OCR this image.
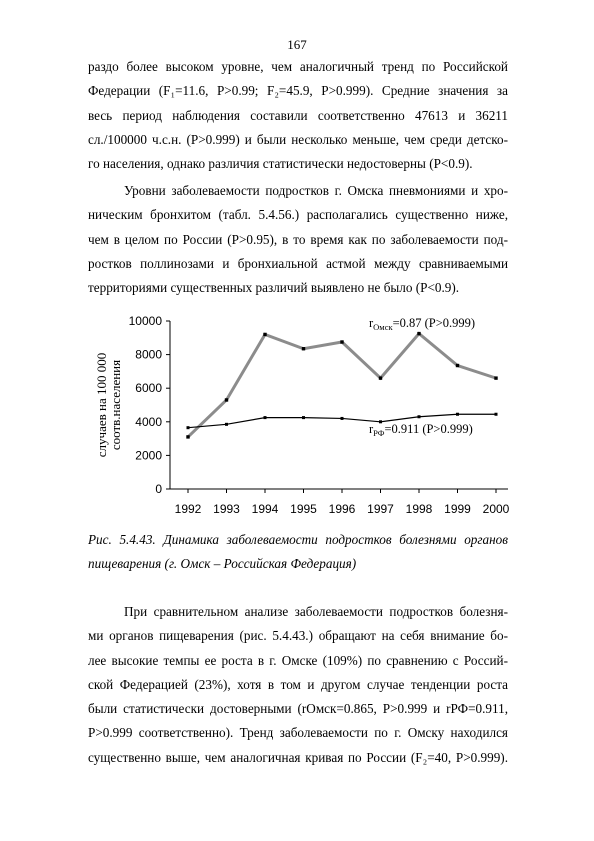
167
раздо более высоком уровне, чем аналогичный тренд по Российской
Федерации (F₁=11.6, P>0.99; F₂=45.9, P>0.999). Средние значения за
весь период наблюдения составили соответственно 47613 и 36211
сл./100000 ч.с.н. (P>0.999) и были несколько меньше, чем среди детско-
го населения, однако различия статистически недостоверны (P<0.9).
Уровни заболеваемости подростков г. Омска пневмониями и хро-
ническим бронхитом (табл. 5.4.56.) располагались существенно ниже,
чем в целом по России (P>0.95), в то время как по заболеваемости под-
ростков поллинозами и бронхиальной астмой между сравниваемыми
территориями существенных различий выявлено не было (P<0.9).
случаев на 100 000 соотв.населения
0
2000
4000
6000
8000
10000
1992 1993 1994 1995 1996 1997 1998 1999 2000
$r_{Омск}=0.87$ (P>0.999)
$r_{РФ}=0.911$ (P>0.999)
Рис. 5.4.43. Динамика заболеваемости подростков болезнями органов
пищеварения (г. Омск – Российская Федерация)
При сравнительном анализе заболеваемости подростков болезня-
ми органов пищеварения (рис. 5.4.43.) обращают на себя внимание бо-
лее высокие темпы ее роста в г. Омске (109%) по сравнению с Россий-
ской Федерацией (23%), хотя в том и другом случае тенденции роста
были статистически достоверными (rОмск=0.865, P>0.999 и rРФ=0.911,
P>0.999 соответственно). Тренд заболеваемости по г. Омску находился
существенно выше, чем аналогичная кривая по России (F₂=40, P>0.999).
